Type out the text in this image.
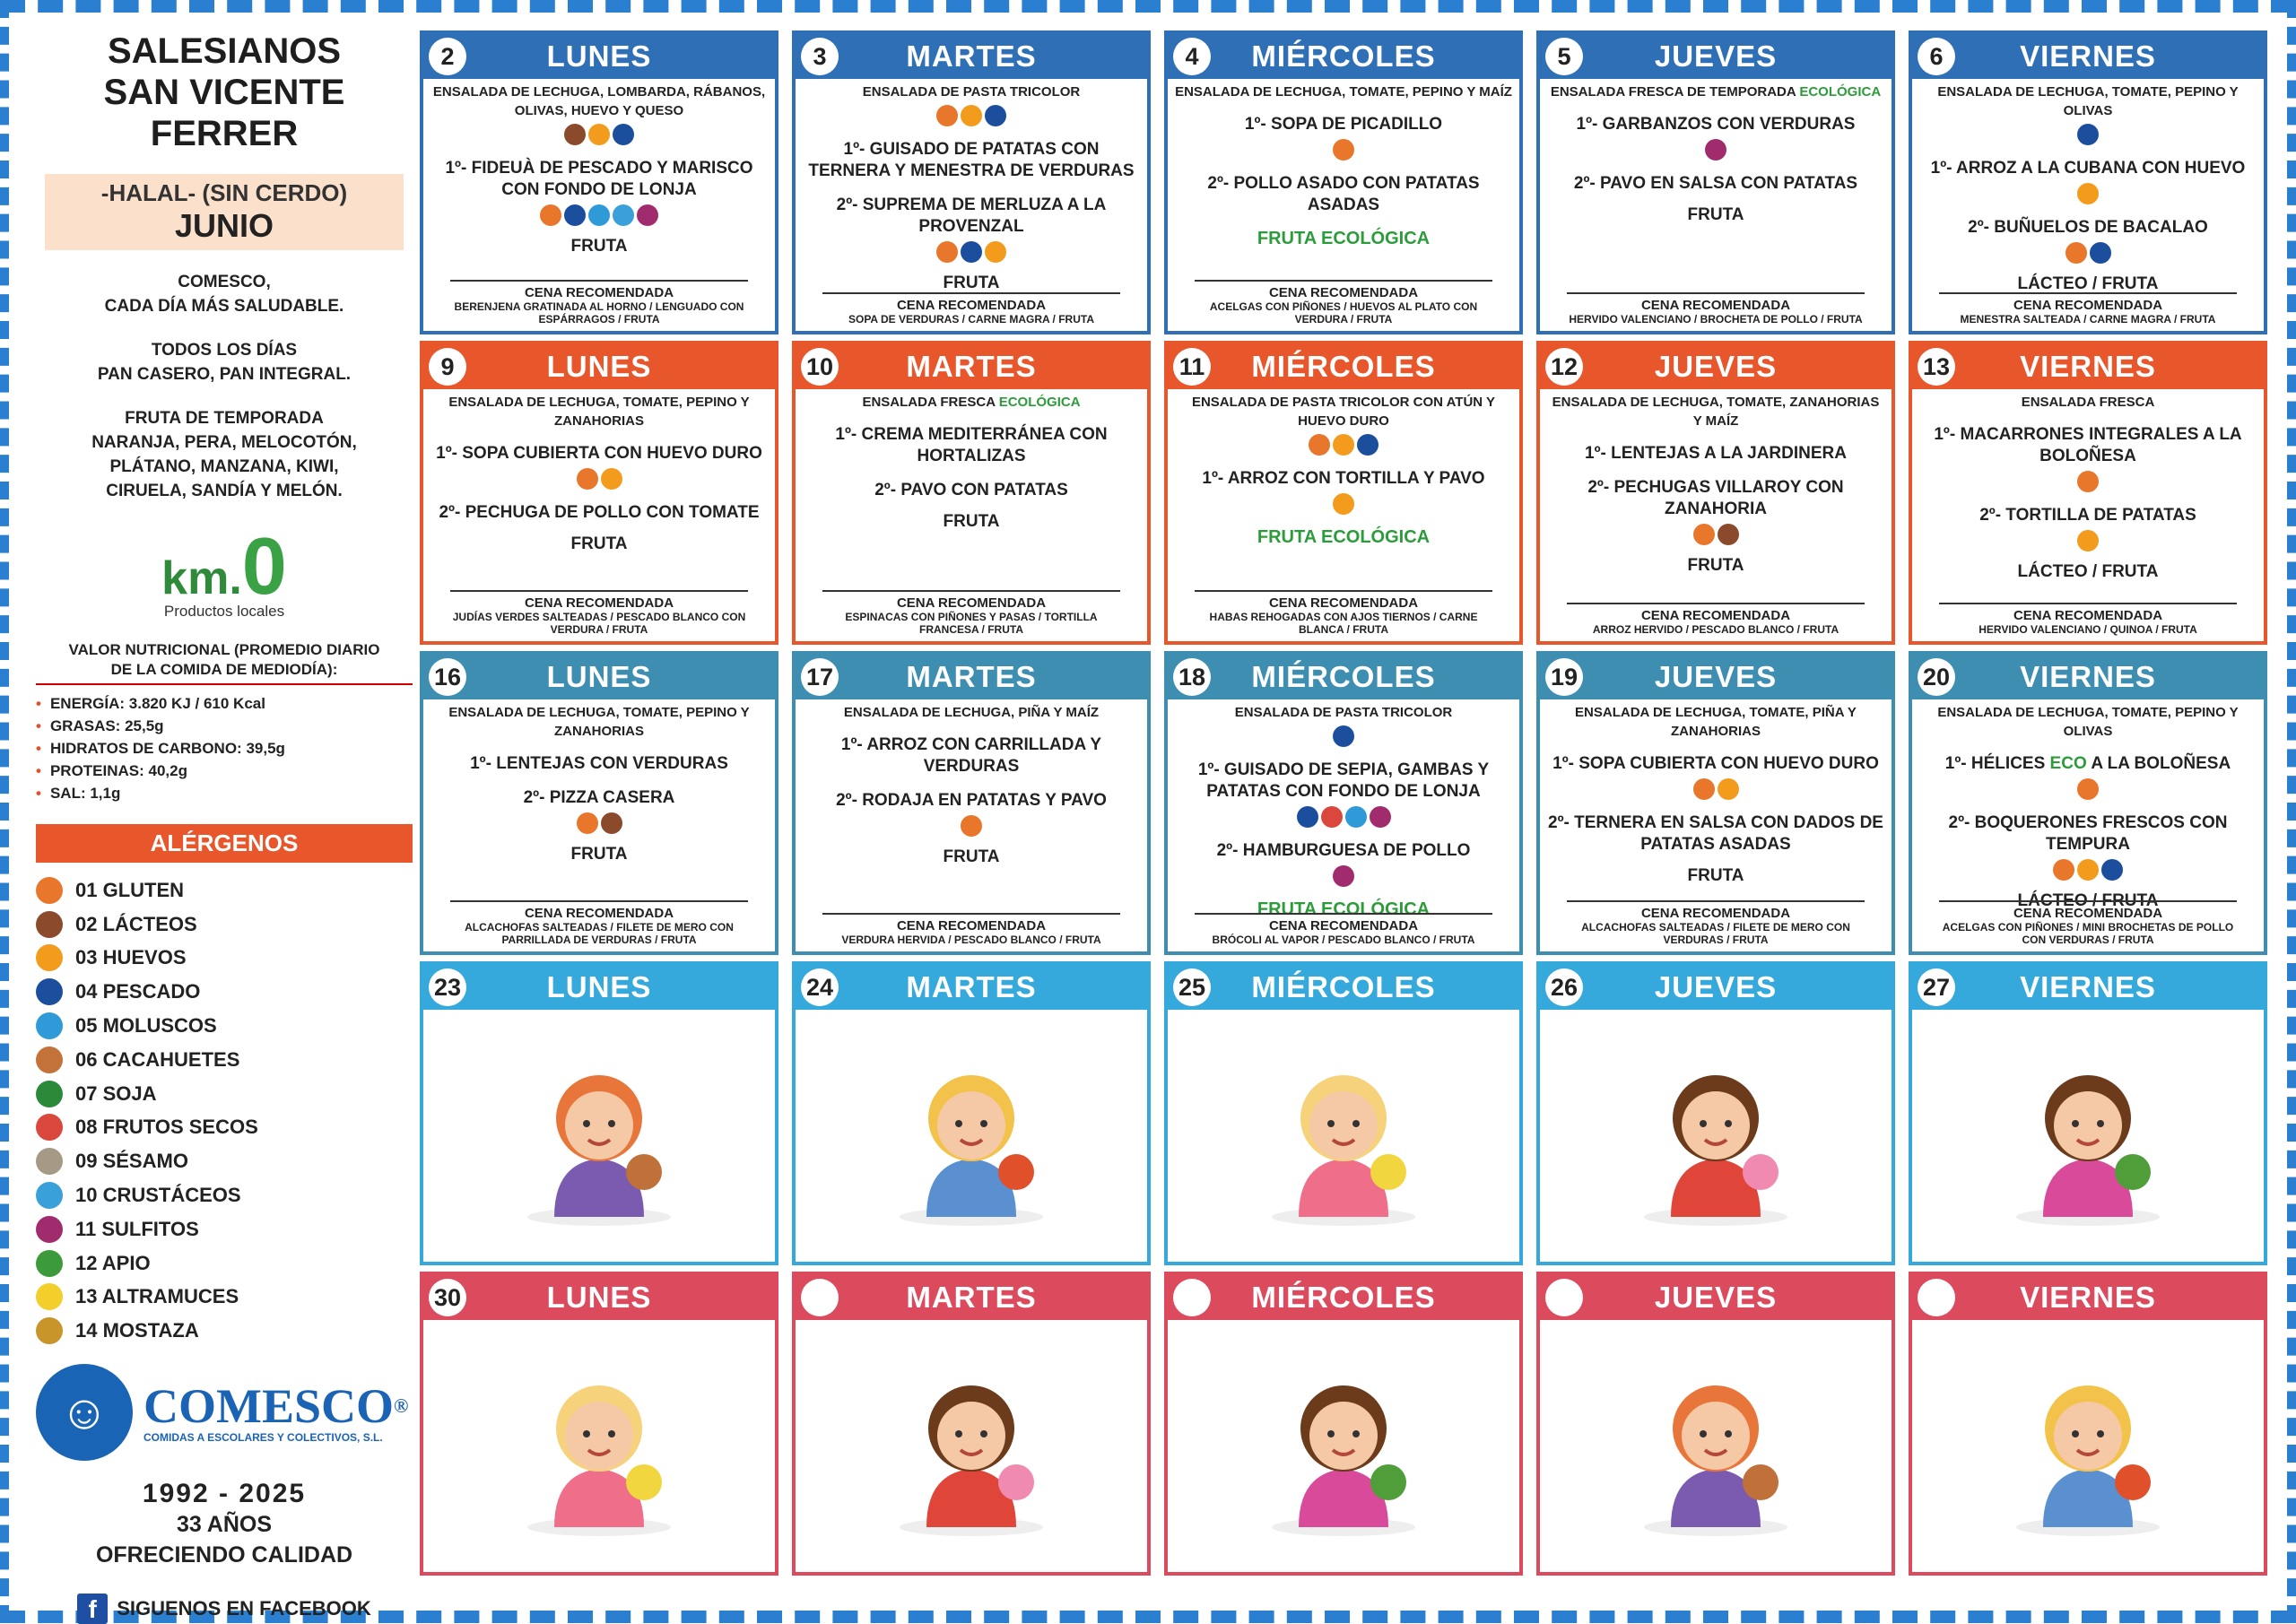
SALESIANOS
SAN VICENTE
FERRER
-HALAL- (SIN CERDO)
JUNIO
COMESCO,
CADA DÍA MÁS SALUDABLE.
TODOS LOS DÍAS
PAN CASERO, PAN INTEGRAL.
FRUTA DE TEMPORADA
NARANJA, PERA, MELOCOTÓN,
PLÁTANO, MANZANA, KIWI,
CIRUELA, SANDÍA Y MELÓN.
km.0
Productos locales
VALOR NUTRICIONAL (PROMEDIO DIARIO
DE LA COMIDA DE MEDIODÍA):
• ENERGÍA: 3.820 KJ / 610 Kcal
• GRASAS: 25,5g
• HIDRATOS DE CARBONO: 39,5g
• PROTEINAS: 40,2g
• SAL: 1,1g
ALÉRGENOS
01 GLUTEN
02 LÁCTEOS
03 HUEVOS
04 PESCADO
05 MOLUSCOS
06 CACAHUETES
07 SOJA
08 FRUTOS SECOS
09 SÉSAMO
10 CRUSTÁCEOS
11 SULFITOS
12 APIO
13 ALTRAMUCES
14 MOSTAZA
☺ COMESCO®
COMIDAS A ESCOLARES Y COLECTIVOS, S.L.
1992 - 2025
33 AÑOS
OFRECIENDO CALIDAD
f	SIGUENOS EN FACEBOOK
2	LUNES
ENSALADA DE LECHUGA, LOMBARDA, RÁBANOS, OLIVAS, HUEVO Y QUESO
1º- FIDEUÀ DE PESCADO Y MARISCO CON FONDO DE LONJA
FRUTA
CENA RECOMENDADA
BERENJENA GRATINADA AL HORNO / LENGUADO CON ESPÁRRAGOS / FRUTA
3	MARTES
ENSALADA DE PASTA TRICOLOR
1º- GUISADO DE PATATAS CON TERNERA Y MENESTRA DE VERDURAS
2º- SUPREMA DE MERLUZA A LA PROVENZAL
FRUTA
CENA RECOMENDADA
SOPA DE VERDURAS / CARNE MAGRA / FRUTA
4	MIÉRCOLES
ENSALADA DE LECHUGA, TOMATE, PEPINO Y MAÍZ
1º- SOPA DE PICADILLO
2º- POLLO ASADO CON PATATAS ASADAS
FRUTA ECOLÓGICA
CENA RECOMENDADA
ACELGAS CON PIÑONES / HUEVOS AL PLATO CON VERDURA / FRUTA
5	JUEVES
ENSALADA FRESCA DE TEMPORADA ECOLÓGICA
1º- GARBANZOS CON VERDURAS
2º- PAVO EN SALSA CON PATATAS
FRUTA
CENA RECOMENDADA
HERVIDO VALENCIANO / BROCHETA DE POLLO / FRUTA
6	VIERNES
ENSALADA DE LECHUGA, TOMATE, PEPINO Y OLIVAS
1º- ARROZ A LA CUBANA CON HUEVO
2º- BUÑUELOS DE BACALAO
LÁCTEO / FRUTA
CENA RECOMENDADA
MENESTRA SALTEADA / CARNE MAGRA / FRUTA
9	LUNES
ENSALADA DE LECHUGA, TOMATE, PEPINO Y ZANAHORIAS
1º- SOPA CUBIERTA CON HUEVO DURO
2º- PECHUGA DE POLLO CON TOMATE
FRUTA
CENA RECOMENDADA
JUDÍAS VERDES SALTEADAS / PESCADO BLANCO CON VERDURA / FRUTA
10	MARTES
ENSALADA FRESCA ECOLÓGICA
1º- CREMA MEDITERRÁNEA CON HORTALIZAS
2º- PAVO CON PATATAS
FRUTA
CENA RECOMENDADA
ESPINACAS CON PIÑONES Y PASAS / TORTILLA FRANCESA / FRUTA
11	MIÉRCOLES
ENSALADA DE PASTA TRICOLOR CON ATÚN Y HUEVO DURO
1º- ARROZ CON TORTILLA Y PAVO
FRUTA ECOLÓGICA
CENA RECOMENDADA
HABAS REHOGADAS CON AJOS TIERNOS / CARNE BLANCA / FRUTA
12	JUEVES
ENSALADA DE LECHUGA, TOMATE, ZANAHORIAS Y MAÍZ
1º- LENTEJAS A LA JARDINERA
2º- PECHUGAS VILLAROY CON ZANAHORIA
FRUTA
CENA RECOMENDADA
ARROZ HERVIDO / PESCADO BLANCO / FRUTA
13	VIERNES
ENSALADA FRESCA
1º- MACARRONES INTEGRALES A LA BOLOÑESA
2º- TORTILLA DE PATATAS
LÁCTEO / FRUTA
CENA RECOMENDADA
HERVIDO VALENCIANO / QUINOA / FRUTA
16	LUNES
ENSALADA DE LECHUGA, TOMATE, PEPINO Y ZANAHORIAS
1º- LENTEJAS CON VERDURAS
2º- PIZZA CASERA
FRUTA
CENA RECOMENDADA
ALCACHOFAS SALTEADAS / FILETE DE MERO CON PARRILLADA DE VERDURAS / FRUTA
17	MARTES
ENSALADA DE LECHUGA, PIÑA Y MAÍZ
1º- ARROZ CON CARRILLADA Y VERDURAS
2º- RODAJA EN PATATAS Y PAVO
FRUTA
CENA RECOMENDADA
VERDURA HERVIDA / PESCADO BLANCO / FRUTA
18	MIÉRCOLES
ENSALADA DE PASTA TRICOLOR
1º- GUISADO DE SEPIA, GAMBAS Y PATATAS CON FONDO DE LONJA
2º- HAMBURGUESA DE POLLO
FRUTA ECOLÓGICA
CENA RECOMENDADA
BRÓCOLI AL VAPOR / PESCADO BLANCO / FRUTA
19	JUEVES
ENSALADA DE LECHUGA, TOMATE, PIÑA Y ZANAHORIAS
1º- SOPA CUBIERTA CON HUEVO DURO
2º- TERNERA EN SALSA CON DADOS DE PATATAS ASADAS
FRUTA
CENA RECOMENDADA
ALCACHOFAS SALTEADAS / FILETE DE MERO CON VERDURAS / FRUTA
20	VIERNES
ENSALADA DE LECHUGA, TOMATE, PEPINO Y OLIVAS
1º- HÉLICES ECO A LA BOLOÑESA
2º- BOQUERONES FRESCOS CON TEMPURA
LÁCTEO / FRUTA
CENA RECOMENDADA
ACELGAS CON PIÑONES / MINI BROCHETAS DE POLLO CON VERDURAS / FRUTA
23	LUNES	24	MARTES	25	MIÉRCOLES	26	JUEVES	27	VIERNES
30	LUNES	MARTES	MIÉRCOLES	JUEVES	VIERNES
